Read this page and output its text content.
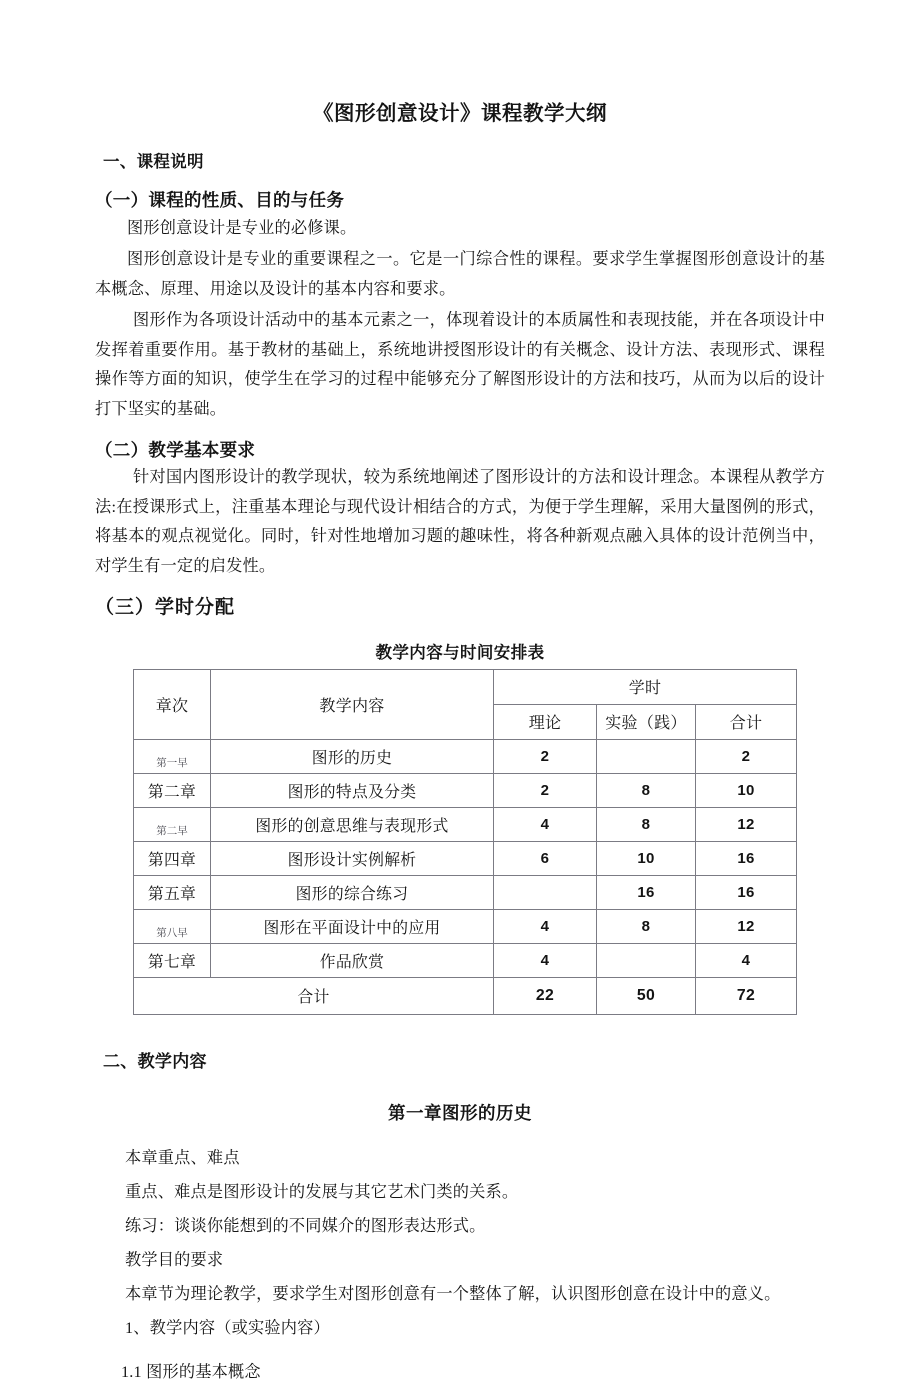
《图形创意设计》课程教学大纲
一、课程说明
（一）课程的性质、目的与任务

图形创意设计是专业的必修课。

图形创意设计是专业的重要课程之一。它是一门综合性的课程。要求学生掌握图形创意设计的基本概念、原理、用途以及设计的基本内容和要求。

图形作为各项设计活动中的基本元素之一，体现着设计的本质属性和表现技能，并在各项设计中发挥着重要作用。基于教材的基础上，系统地讲授图形设计的有关概念、设计方法、表现形式、课程操作等方面的知识，使学生在学习的过程中能够充分了解图形设计的方法和技巧，从而为以后的设计打下坚实的基础。

（二）教学基本要求

针对国内图形设计的教学现状，较为系统地阐述了图形设计的方法和设计理念。本课程从教学方法:在授课形式上，注重基本理论与现代设计相结合的方式，为便于学生理解，采用大量图例的形式，将基本的观点视觉化。同时，针对性地增加习题的趣味性，将各种新观点融入具体的设计范例当中，对学生有一定的启发性。

（三）学时分配
教学内容与时间安排表
章次	教学内容	学时		
		理论	实验（践）	合计

第一早	图形的历史	2		2
第二章	图形的特点及分类	2	8	10

第二早	图形的创意思维与表现形式	4	8	12
第四章	图形设计实例解析	6	10	16
第五章	图形的综合练习		16	16

第八早	图形在平面设计中的应用	4	8	12
第七章	作品欣赏	4		4
合计		22	50	72
二、教学内容
第一章图形的历史
本章重点、难点
重点、难点是图形设计的发展与其它艺术门类的关系。
练习：谈谈你能想到的不同媒介的图形表达形式。
教学目的要求
本章节为理论教学，要求学生对图形创意有一个整体了解，认识图形创意在设计中的意义。
1、教学内容（或实验内容）
1.1 图形的基本概念
